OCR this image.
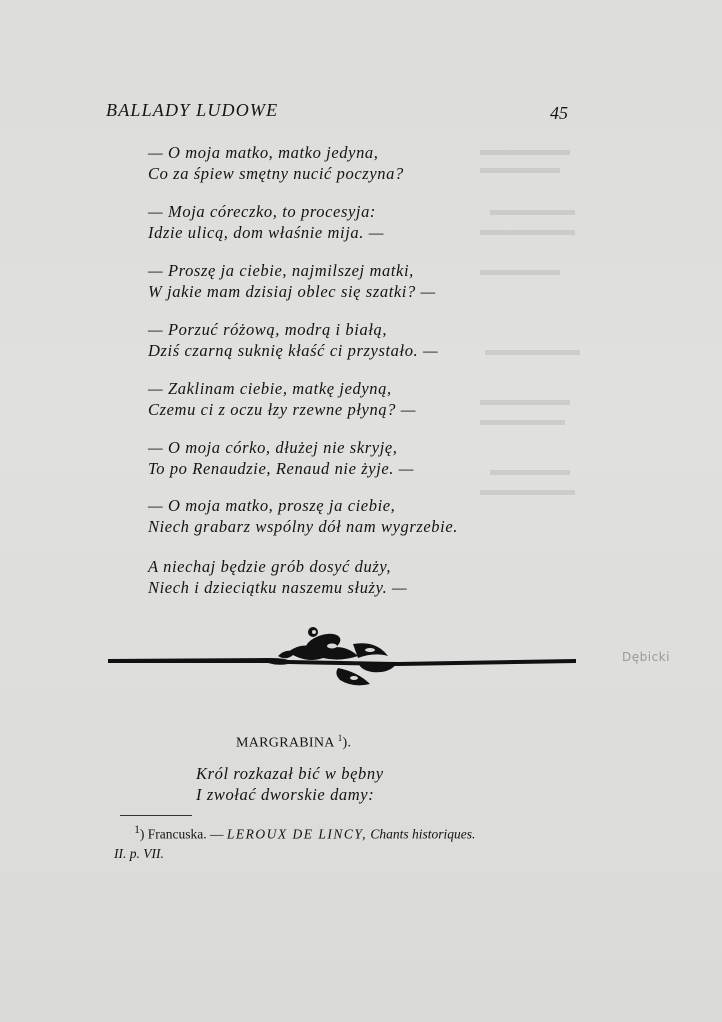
BALLADY LUDOWE	45
— O moja matko, matko jedyna,
Co za śpiew smętny nucić poczyna?
— Moja córeczko, to procesyja:
Idzie ulicą, dom właśnie mija. —
— Proszę ja ciebie, najmilszej matki,
W jakie mam dzisiaj oblec się szatki? —
— Porzuć różową, modrą i białą,
Dziś czarną suknię kłaść ci przystało. —
— Zaklinam ciebie, matkę jedyną,
Czemu ci z oczu łzy rzewne płyną? —
— O moja córko, dłużej nie skryję,
To po Renaudzie, Renaud nie żyje. —
— O moja matko, proszę ja ciebie,
Niech grabarz wspólny dół nam wygrzebie.
A niechaj będzie grób dosyć duży,
Niech i dzieciątku naszemu służy. —
MARGRABINA $^1$).
Król rozkazał bić w bębny
I zwołać dworskie damy:
$^1$) Francuska. — LEROUX DE LINCY, Chants historiques.
II. p. VII.
Dębicki
